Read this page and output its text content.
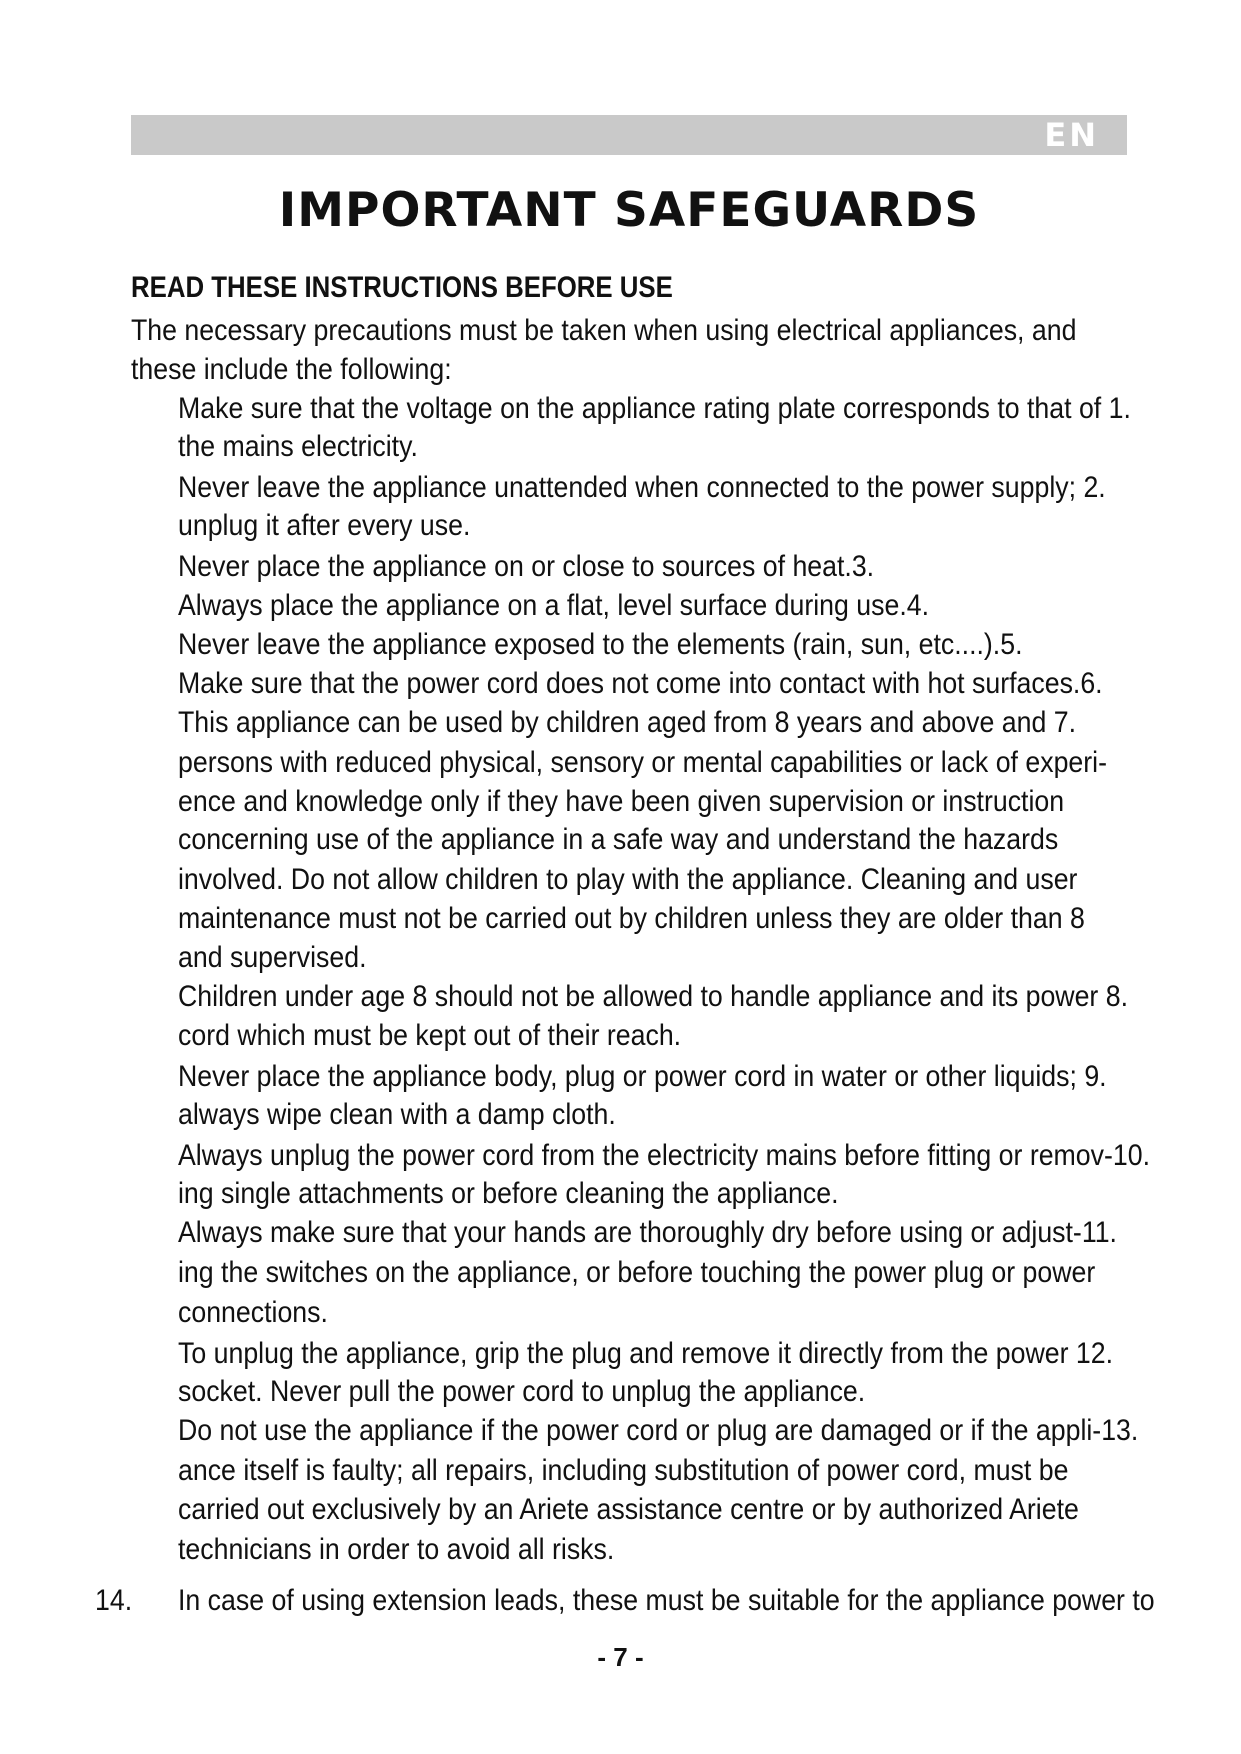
EN
IMPORTANT SAFEGUARDS
READ THESE INSTRUCTIONS BEFORE USE
The necessary precautions must be taken when using electrical appliances, and
these include the following:
Make sure that the voltage on the appliance rating plate corresponds to that of 1.
the mains electricity.
Never leave the appliance unattended when connected to the power supply; 2.
unplug it after every use.
Never place the appliance on or close to sources of heat.3.
Always place the appliance on a flat, level surface during use.4.
Never leave the appliance exposed to the elements (rain, sun, etc....).5.
Make sure that the power cord does not come into contact with hot surfaces.6.
This appliance can be used by children aged from 8 years and above and 7.
persons with reduced physical, sensory or mental capabilities or lack of experi-
ence and knowledge only if they have been given supervision or instruction
concerning use of the appliance in a safe way and understand the hazards
involved. Do not allow children to play with the appliance. Cleaning and user
maintenance must not be carried out by children unless they are older than 8
and supervised.
Children under age 8 should not be allowed to handle appliance and its power 8.
cord which must be kept out of their reach.
Never place the appliance body, plug or power cord in water or other liquids; 9.
always wipe clean with a damp cloth.
Always unplug the power cord from the electricity mains before fitting or remov-10.
ing single attachments or before cleaning the appliance.
Always make sure that your hands are thoroughly dry before using or adjust-11.
ing the switches on the appliance, or before touching the power plug or power
connections.
To unplug the appliance, grip the plug and remove it directly from the power 12.
socket. Never pull the power cord to unplug the appliance.
Do not use the appliance if the power cord or plug are damaged or if the appli-13.
ance itself is faulty; all repairs, including substitution of power cord, must be
carried out exclusively by an Ariete assistance centre or by authorized Ariete
technicians in order to avoid all risks.
14. In case of using extension leads, these must be suitable for the appliance power to
- 7 -
